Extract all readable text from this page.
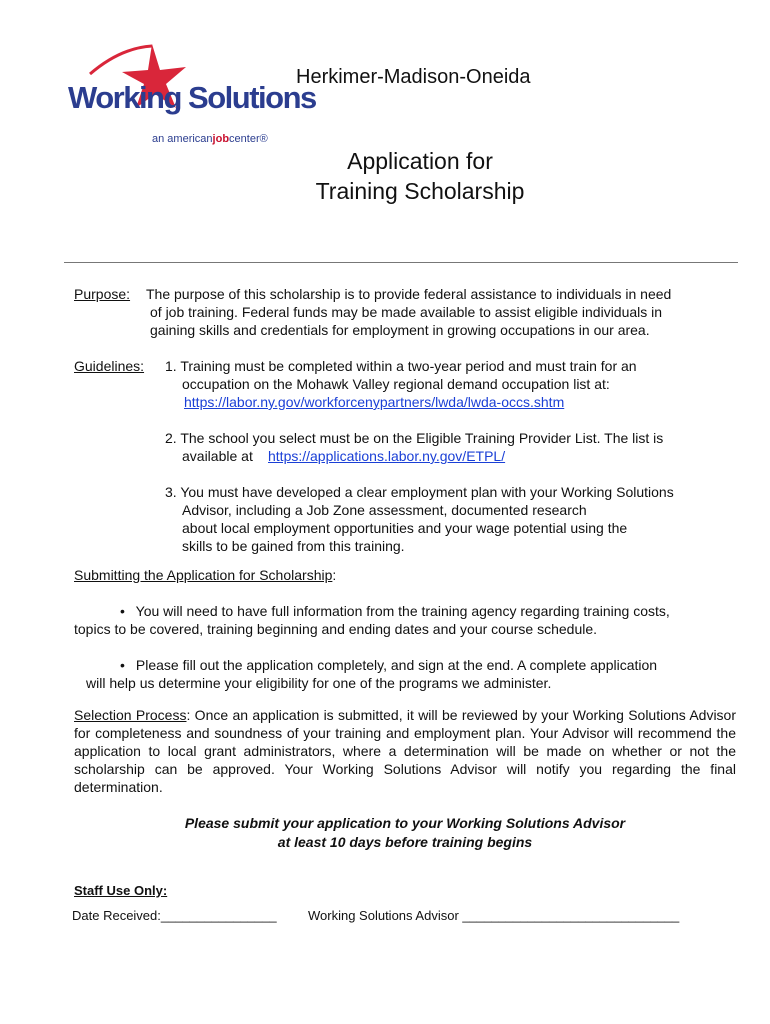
Working Solutions
an americanjobcenter®
Herkimer-Madison-Oneida
Application for
Training Scholarship
Purpose: The purpose of this scholarship is to provide federal assistance to individuals in need
of job training. Federal funds may be made available to assist eligible individuals in
gaining skills and credentials for employment in growing occupations in our area.
Guidelines: 1. Training must be completed within a two-year period and must train for an
occupation on the Mohawk Valley regional demand occupation list at:
https://labor.ny.gov/workforcenypartners/lwda/lwda-occs.shtm
2. The school you select must be on the Eligible Training Provider List. The list is
available at https://applications.labor.ny.gov/ETPL/
3. You must have developed a clear employment plan with your Working Solutions
Advisor, including a Job Zone assessment, documented research
about local employment opportunities and your wage potential using the
skills to be gained from this training.
Submitting the Application for Scholarship:
• You will need to have full information from the training agency regarding training costs,
topics to be covered, training beginning and ending dates and your course schedule.
• Please fill out the application completely, and sign at the end. A complete application
will help us determine your eligibility for one of the programs we administer.
Selection Process: Once an application is submitted, it will be reviewed by your Working Solutions Advisor for completeness and soundness of your training and employment plan. Your Advisor will recommend the application to local grant administrators, where a determination will be made on whether or not the scholarship can be approved. Your Working Solutions Advisor will notify you regarding the final determination.
Please submit your application to your Working Solutions Advisor
at least 10 days before training begins
Staff Use Only:
Date Received:________________ Working Solutions Advisor ______________________________
